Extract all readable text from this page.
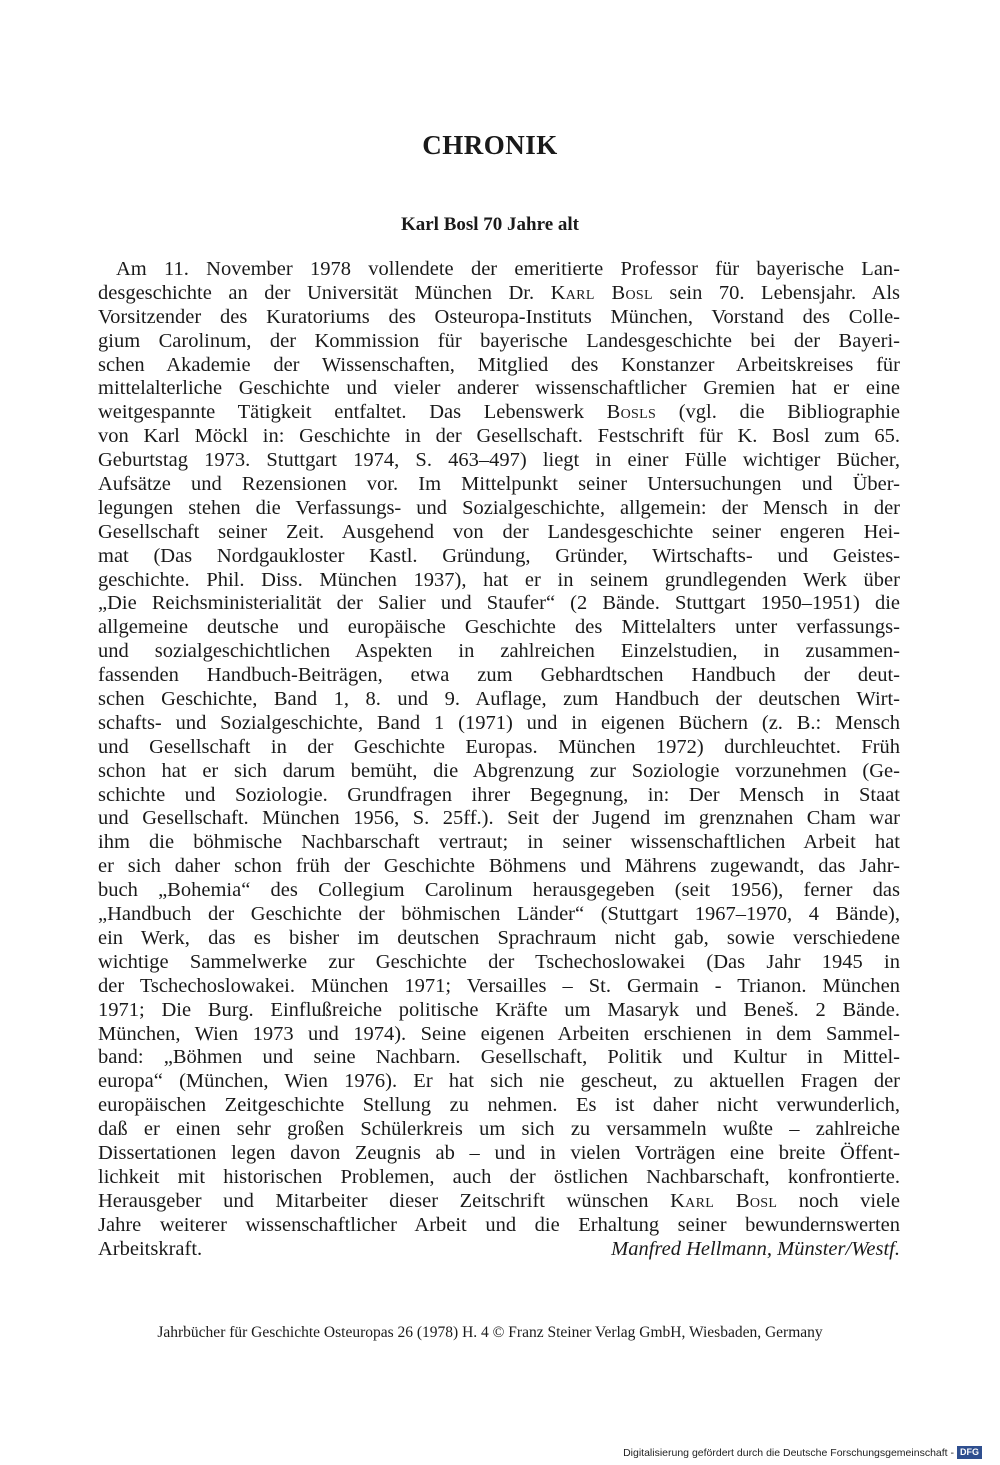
CHRONIK
Karl Bosl 70 Jahre alt
Am 11. November 1978 vollendete der emeritierte Professor für bayerische Lan-
desgeschichte an der Universität München Dr. Karl Bosl sein 70. Lebensjahr. Als
Vorsitzender des Kuratoriums des Osteuropa-Instituts München, Vorstand des Colle-
gium Carolinum, der Kommission für bayerische Landesgeschichte bei der Bayeri-
schen Akademie der Wissenschaften, Mitglied des Konstanzer Arbeitskreises für
mittelalterliche Geschichte und vieler anderer wissenschaftlicher Gremien hat er eine
weitgespannte Tätigkeit entfaltet. Das Lebenswerk Bosls (vgl. die Bibliographie
von Karl Möckl in: Geschichte in der Gesellschaft. Festschrift für K. Bosl zum 65.
Geburtstag 1973. Stuttgart 1974, S. 463–497) liegt in einer Fülle wichtiger Bücher,
Aufsätze und Rezensionen vor. Im Mittelpunkt seiner Untersuchungen und Über-
legungen stehen die Verfassungs- und Sozialgeschichte, allgemein: der Mensch in der
Gesellschaft seiner Zeit. Ausgehend von der Landesgeschichte seiner engeren Hei-
mat (Das Nordgaukloster Kastl. Gründung, Gründer, Wirtschafts- und Geistes-
geschichte. Phil. Diss. München 1937), hat er in seinem grundlegenden Werk über
„Die Reichsministerialität der Salier und Staufer“ (2 Bände. Stuttgart 1950–1951) die
allgemeine deutsche und europäische Geschichte des Mittelalters unter verfassungs-
und sozialgeschichtlichen Aspekten in zahlreichen Einzelstudien, in zusammen-
fassenden Handbuch-Beiträgen, etwa zum Gebhardtschen Handbuch der deut-
schen Geschichte, Band 1, 8. und 9. Auflage, zum Handbuch der deutschen Wirt-
schafts- und Sozialgeschichte, Band 1 (1971) und in eigenen Büchern (z. B.: Mensch
und Gesellschaft in der Geschichte Europas. München 1972) durchleuchtet. Früh
schon hat er sich darum bemüht, die Abgrenzung zur Soziologie vorzunehmen (Ge-
schichte und Soziologie. Grundfragen ihrer Begegnung, in: Der Mensch in Staat
und Gesellschaft. München 1956, S. 25ff.). Seit der Jugend im grenznahen Cham war
ihm die böhmische Nachbarschaft vertraut; in seiner wissenschaftlichen Arbeit hat
er sich daher schon früh der Geschichte Böhmens und Mährens zugewandt, das Jahr-
buch „Bohemia“ des Collegium Carolinum herausgegeben (seit 1956), ferner das
„Handbuch der Geschichte der böhmischen Länder“ (Stuttgart 1967–1970, 4 Bände),
ein Werk, das es bisher im deutschen Sprachraum nicht gab, sowie verschiedene
wichtige Sammelwerke zur Geschichte der Tschechoslowakei (Das Jahr 1945 in
der Tschechoslowakei. München 1971; Versailles – St. Germain - Trianon. München
1971; Die Burg. Einflußreiche politische Kräfte um Masaryk und Beneš. 2 Bände.
München, Wien 1973 und 1974). Seine eigenen Arbeiten erschienen in dem Sammel-
band: „Böhmen und seine Nachbarn. Gesellschaft, Politik und Kultur in Mittel-
europa“ (München, Wien 1976). Er hat sich nie gescheut, zu aktuellen Fragen der
europäischen Zeitgeschichte Stellung zu nehmen. Es ist daher nicht verwunderlich,
daß er einen sehr großen Schülerkreis um sich zu versammeln wußte – zahlreiche
Dissertationen legen davon Zeugnis ab – und in vielen Vorträgen eine breite Öffent-
lichkeit mit historischen Problemen, auch der östlichen Nachbarschaft, konfrontierte.
Herausgeber und Mitarbeiter dieser Zeitschrift wünschen Karl Bosl noch viele
Jahre weiterer wissenschaftlicher Arbeit und die Erhaltung seiner bewundernswerten
Arbeitskraft.	Manfred Hellmann, Münster/Westf.
Jahrbücher für Geschichte Osteuropas 26 (1978) H. 4 © Franz Steiner Verlag GmbH, Wiesbaden, Germany
Digitalisierung gefördert durch die Deutsche Forschungsgemeinschaft - DFG
